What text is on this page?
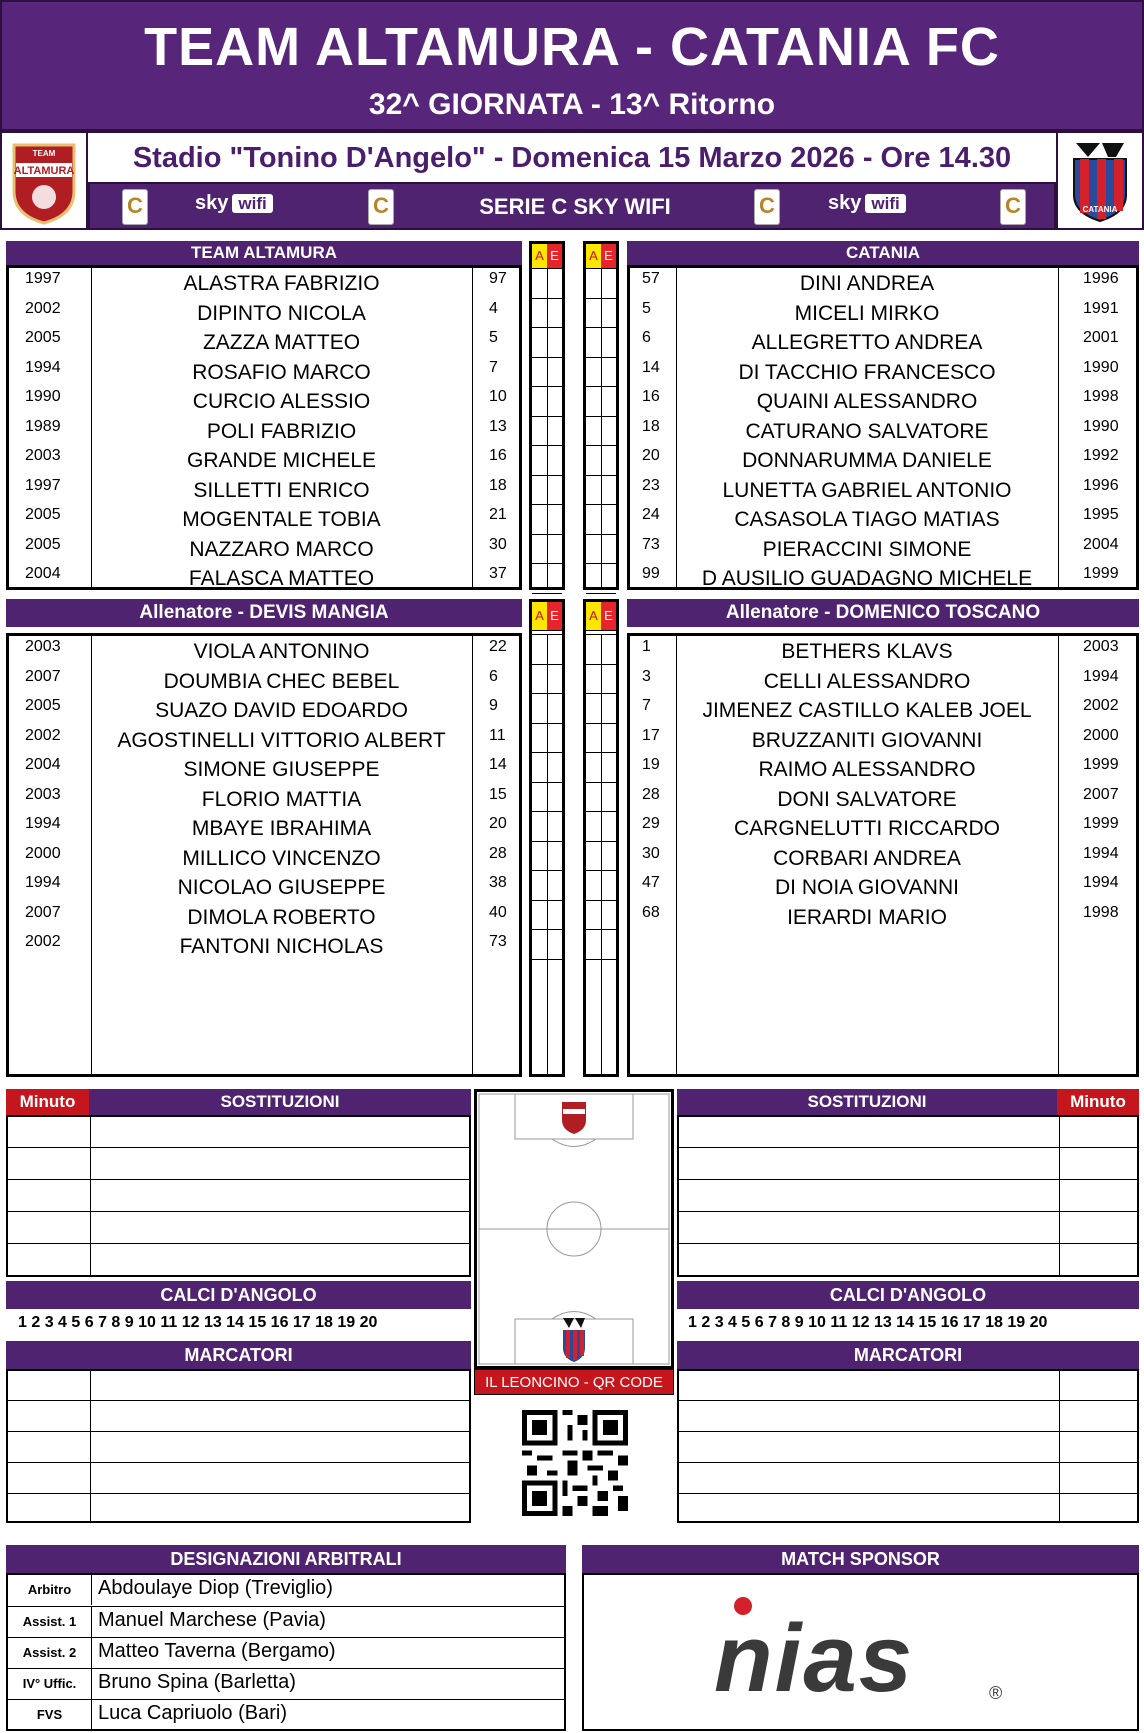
TEAM ALTAMURA - CATANIA FC
32^ GIORNATA - 13^ Ritorno
TEAM
ALTAMURA
CATANIA
Stadio "Tonino D'Angelo" - Domenica 15 Marzo 2026 - Ore 14.30
C	sky wifi	C	SERIE C SKY WIFI	C	sky wifi	C
TEAM ALTAMURA
1997	ALASTRA FABRIZIO	97
2002	DIPINTO NICOLA	4
2005	ZAZZA MATTEO	5
1994	ROSAFIO MARCO	7
1990	CURCIO ALESSIO	10
1989	POLI FABRIZIO	13
2003	GRANDE MICHELE	16
1997	SILLETTI ENRICO	18
2005	MOGENTALE TOBIA	21
2005	NAZZARO MARCO	30
2004	FALASCA MATTEO	37
CATANIA
57	DINI ANDREA	1996
5	MICELI MIRKO	1991
6	ALLEGRETTO ANDREA	2001
14	DI TACCHIO FRANCESCO	1990
16	QUAINI ALESSANDRO	1998
18	CATURANO SALVATORE	1990
20	DONNARUMMA DANIELE	1992
23	LUNETTA GABRIEL ANTONIO	1996
24	CASASOLA TIAGO MATIAS	1995
73	PIERACCINI SIMONE	2004
99	D AUSILIO GUADAGNO MICHELE	1999
A E A E
Allenatore - DEVIS MANGIA	Allenatore - DOMENICO TOSCANO
2003	VIOLA ANTONINO	22
2007	DOUMBIA CHEC BEBEL	6
2005	SUAZO DAVID EDOARDO	9
2002	AGOSTINELLI VITTORIO ALBERT	11
2004	SIMONE GIUSEPPE	14
2003	FLORIO MATTIA	15
1994	MBAYE IBRAHIMA	20
2000	MILLICO VINCENZO	28
1994	NICOLAO GIUSEPPE	38
2007	DIMOLA ROBERTO	40
2002	FANTONI NICHOLAS	73
1	BETHERS KLAVS	2003
3	CELLI ALESSANDRO	1994
7	JIMENEZ CASTILLO KALEB JOEL	2002
17	BRUZZANITI GIOVANNI	2000
19	RAIMO ALESSANDRO	1999
28	DONI SALVATORE	2007
29	CARGNELUTTI RICCARDO	1999
30	CORBARI ANDREA	1994
47	DI NOIA GIOVANNI	1994
68	IERARDI MARIO	1998
A E A E
Minuto	SOSTITUZIONI	SOSTITUZIONI	Minuto
CALCI D'ANGOLO
1 2 3 4 5 6 7 8 9 10 11 12 13 14 15 16 17 18 19 20
CALCI D'ANGOLO
1 2 3 4 5 6 7 8 9 10 11 12 13 14 15 16 17 18 19 20
MARCATORI	MARCATORI
IL LEONCINO - QR CODE
DESIGNAZIONI ARBITRALI
Arbitro	Abdoulaye Diop (Treviglio)
Assist. 1	Manuel Marchese (Pavia)
Assist. 2	Matteo Taverna (Bergamo)
IV° Uffic.	Bruno Spina (Barletta)
FVS	Luca Capriuolo (Bari)
MATCH SPONSOR
nias	®
